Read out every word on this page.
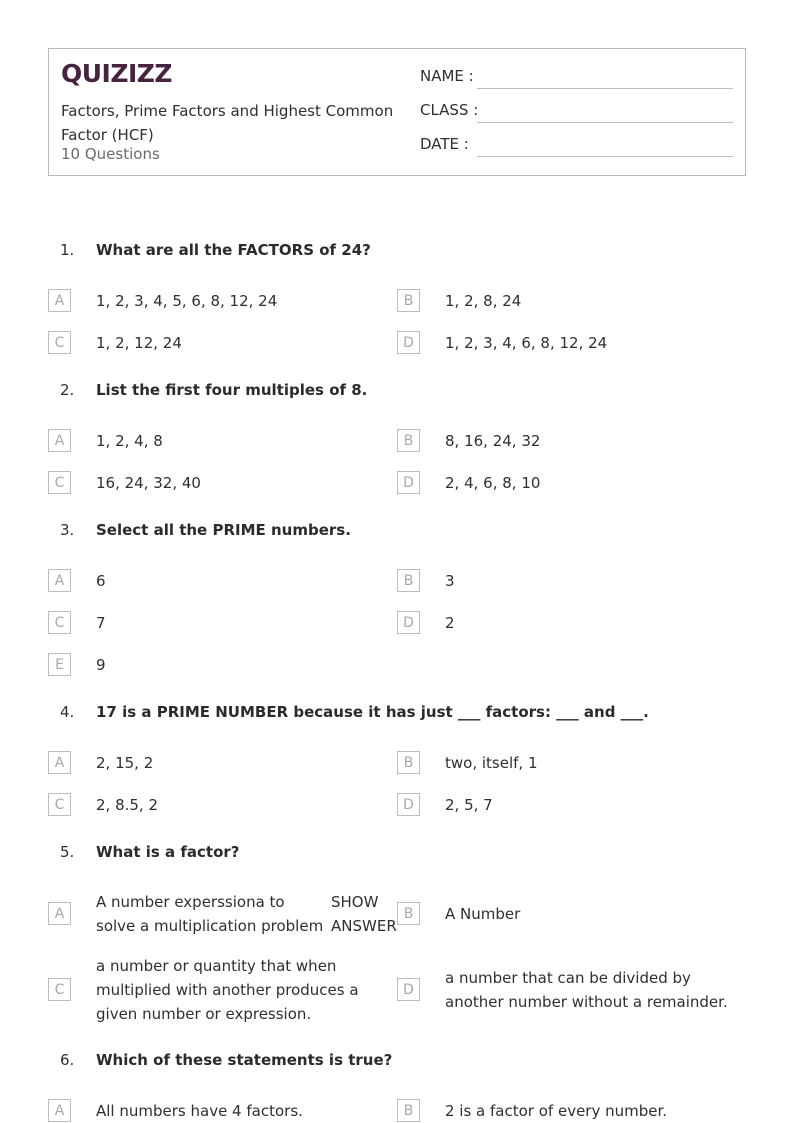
QUIZIZZ
Factors, Prime Factors and Highest Common Factor (HCF)
10 Questions
NAME :
CLASS :
DATE :
1.	What are all the FACTORS of 24?
A	1, 2, 3, 4, 5, 6, 8, 12, 24	B	1, 2, 8, 24
C	1, 2, 12, 24	D	1, 2, 3, 4, 6, 8, 12, 24
2.	List the first four multiples of 8.
A	1, 2, 4, 8	B	8, 16, 24, 32
C	16, 24, 32, 40	D	2, 4, 6, 8, 10
3.	Select all the PRIME numbers.
A	6	B	3
C	7	D	2
E	9
4.	17 is a PRIME NUMBER because it has just ___ factors: ___ and ___.
A	2, 15, 2	B	two, itself, 1
C	2, 8.5, 2	D	2, 5, 7
5.	What is a factor?
A
A number experssiona to solve a multiplication problem
SHOW ANSWER
B	A Number
C
a number or quantity that when multiplied with another produces a given number or expression.
D
a number that can be divided by another number without a remainder.
6.	Which of these statements is true?
A	All numbers have 4 factors.	B	2 is a factor of every number.
